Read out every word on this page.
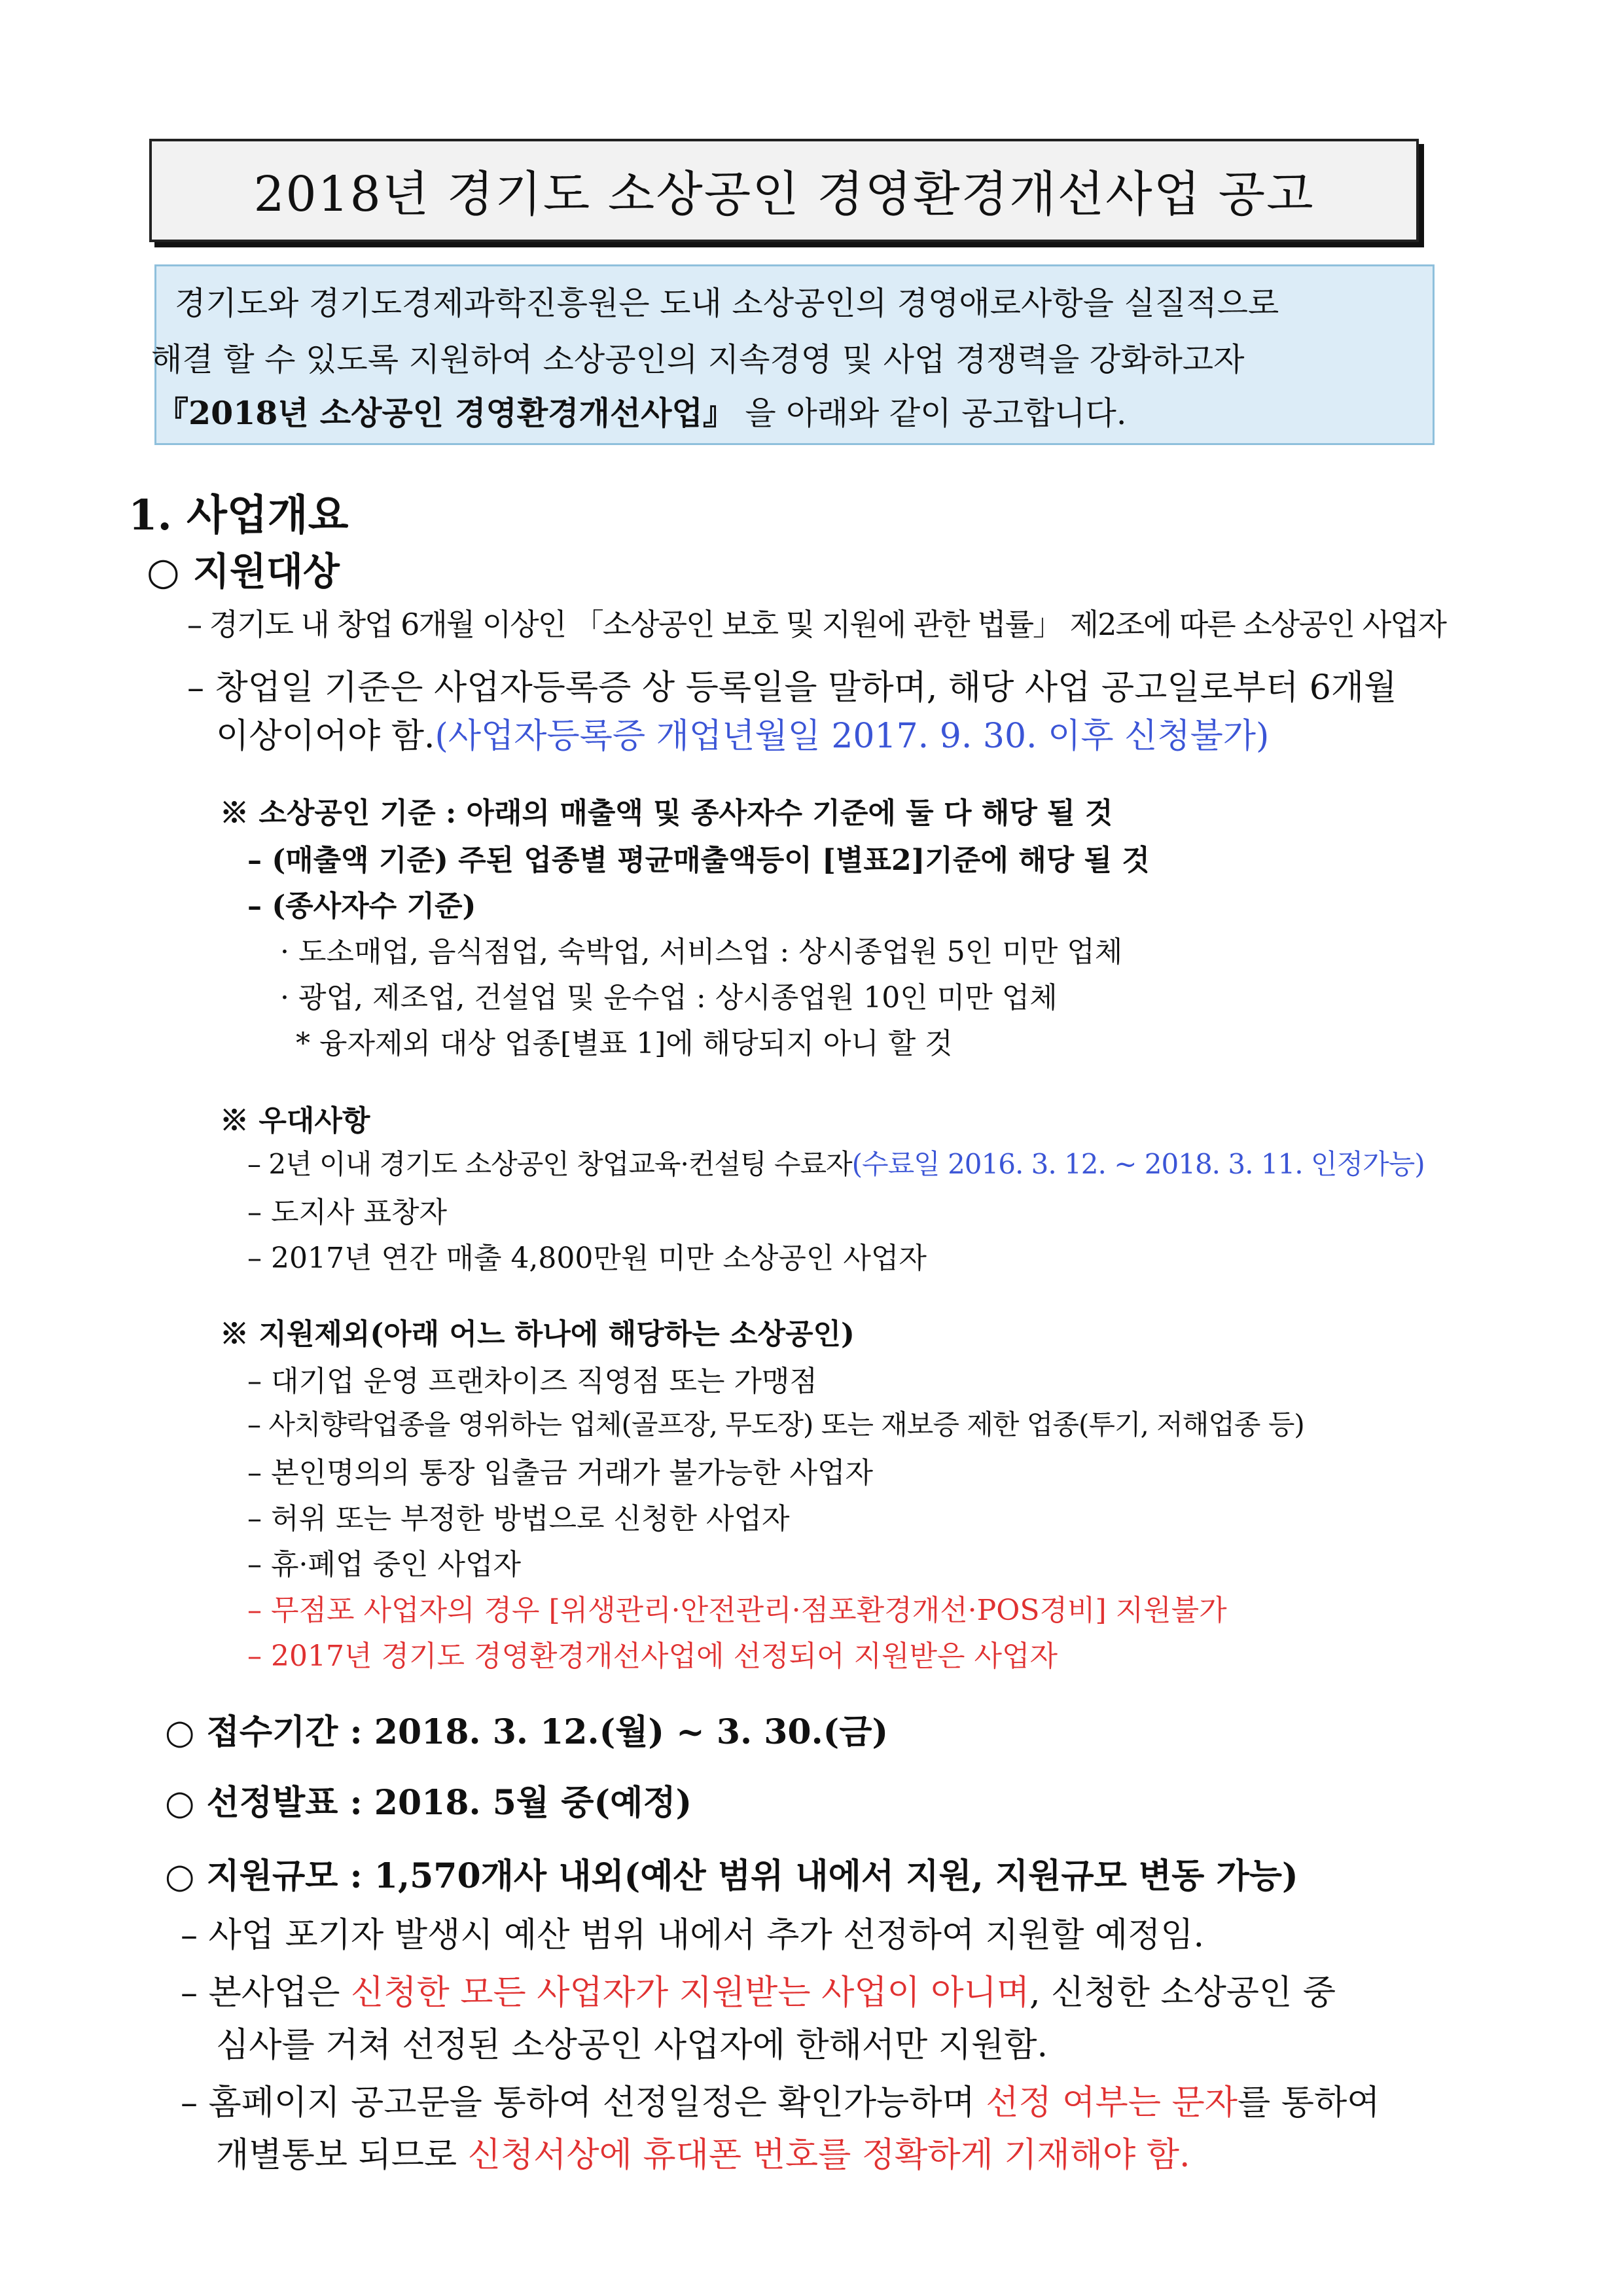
2018년 경기도 소상공인 경영환경개선사업 공고
경기도와 경기도경제과학진흥원은 도내 소상공인의 경영애로사항을 실질적으로
해결 할 수 있도록 지원하여 소상공인의 지속경영 및 사업 경쟁력을 강화하고자
『2018년 소상공인 경영환경개선사업』 을 아래와 같이 공고합니다.
1. 사업개요
○ 지원대상
– 경기도 내 창업 6개월 이상인 「소상공인 보호 및 지원에 관한 법률」 제2조에 따른 소상공인 사업자
– 창업일 기준은 사업자등록증 상 등록일을 말하며, 해당 사업 공고일로부터 6개월
이상이어야 함.(사업자등록증 개업년월일 2017. 9. 30. 이후 신청불가)
※ 소상공인 기준 : 아래의 매출액 및 종사자수 기준에 둘 다 해당 될 것
– (매출액 기준) 주된 업종별 평균매출액등이 [별표2]기준에 해당 될 것
– (종사자수 기준)
· 도소매업, 음식점업, 숙박업, 서비스업 : 상시종업원 5인 미만 업체
· 광업, 제조업, 건설업 및 운수업 : 상시종업원 10인 미만 업체
* 융자제외 대상 업종[별표 1]에 해당되지 아니 할 것
※ 우대사항
– 2년 이내 경기도 소상공인 창업교육·컨설팅 수료자(수료일 2016. 3. 12. ~ 2018. 3. 11. 인정가능)
– 도지사 표창자
– 2017년 연간 매출 4,800만원 미만 소상공인 사업자
※ 지원제외(아래 어느 하나에 해당하는 소상공인)
– 대기업 운영 프랜차이즈 직영점 또는 가맹점
– 사치향락업종을 영위하는 업체(골프장, 무도장) 또는 재보증 제한 업종(투기, 저해업종 등)
– 본인명의의 통장 입출금 거래가 불가능한 사업자
– 허위 또는 부정한 방법으로 신청한 사업자
– 휴·폐업 중인 사업자
– 무점포 사업자의 경우 [위생관리·안전관리·점포환경개선·POS경비] 지원불가
– 2017년 경기도 경영환경개선사업에 선정되어 지원받은 사업자
○ 접수기간 : 2018. 3. 12.(월) ~ 3. 30.(금)
○ 선정발표 : 2018. 5월 중(예정)
○ 지원규모 : 1,570개사 내외(예산 범위 내에서 지원, 지원규모 변동 가능)
– 사업 포기자 발생시 예산 범위 내에서 추가 선정하여 지원할 예정임.
– 본사업은 신청한 모든 사업자가 지원받는 사업이 아니며, 신청한 소상공인 중
심사를 거쳐 선정된 소상공인 사업자에 한해서만 지원함.
– 홈페이지 공고문을 통하여 선정일정은 확인가능하며 선정 여부는 문자를 통하여
개별통보 되므로 신청서상에 휴대폰 번호를 정확하게 기재해야 함.
